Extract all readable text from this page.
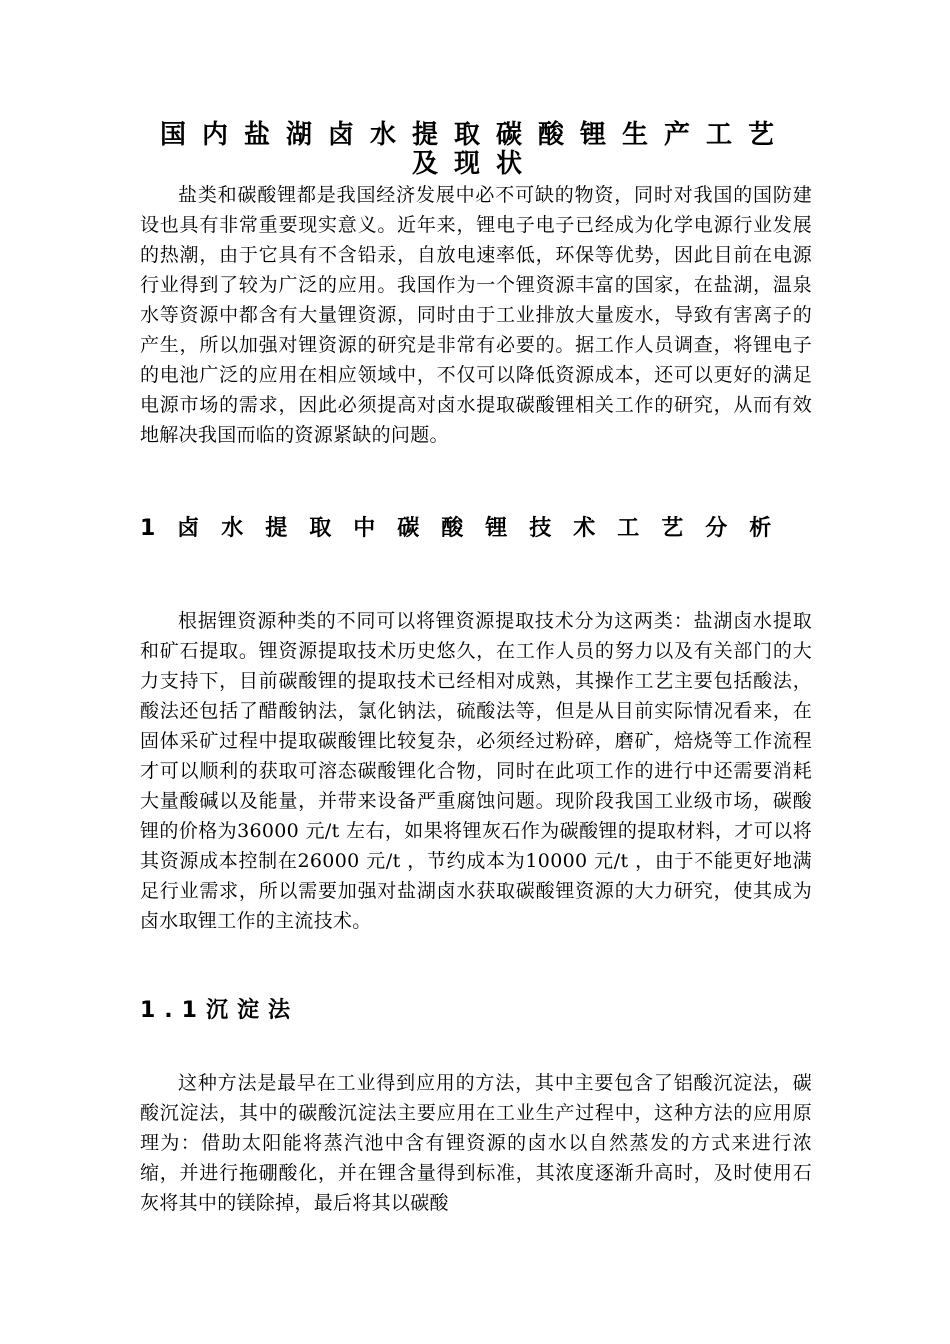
国内盐湖卤水提取碳酸锂生产工艺
及现状

盐类和碳酸锂都是我国经济发展中必不可缺的物资，同时对我国的国防建设也具有非常重要现实意义。近年来，锂电子电子已经成为化学电源行业发展的热潮，由于它具有不含铅汞，自放电速率低，环保等优势，因此目前在电源行业得到了较为广泛的应用。我国作为一个锂资源丰富的国家，在盐湖，温泉水等资源中都含有大量锂资源，同时由于工业排放大量废水，导致有害离子的产生，所以加强对锂资源的研究是非常有必要的。据工作人员调查，将锂电子的电池广泛的应用在相应领域中，不仅可以降低资源成本，还可以更好的满足电源市场的需求，因此必须提高对卤水提取碳酸锂相关工作的研究，从而有效地解决我国而临的资源紧缺的问题。

1卤水提取中碳酸锂技术工艺分析

根据锂资源种类的不同可以将锂资源提取技术分为这两类：盐湖卤水提取和矿石提取。锂资源提取技术历史悠久，在工作人员的努力以及有关部门的大力支持下，目前碳酸锂的提取技术已经相对成熟，其操作工艺主要包括酸法，酸法还包括了醋酸钠法，氯化钠法，硫酸法等，但是从目前实际情况看来，在固体采矿过程中提取碳酸锂比较复杂，必须经过粉碎，磨矿，焙烧等工作流程才可以顺利的获取可溶态碳酸锂化合物，同时在此项工作的进行中还需要消耗大量酸碱以及能量，并带来设备严重腐蚀问题。现阶段我国工业级市场，碳酸锂的价格为36000 元/t 左右，如果将锂灰石作为碳酸锂的提取材料，才可以将其资源成本控制在26000 元/t ，节约成本为10000 元/t ，由于不能更好地满足行业需求，所以需要加强对盐湖卤水获取碳酸锂资源的大力研究，使其成为卤水取锂工作的主流技术。

1.1沉淀法

这种方法是最早在工业得到应用的方法，其中主要包含了铝酸沉淀法，碳酸沉淀法，其中的碳酸沉淀法主要应用在工业生产过程中，这种方法的应用原理为：借助太阳能将蒸汽池中含有锂资源的卤水以自然蒸发的方式来进行浓缩，并进行拖硼酸化，并在锂含量得到标准，其浓度逐渐升高时，及时使用石灰将其中的镁除掉，最后将其以碳酸
